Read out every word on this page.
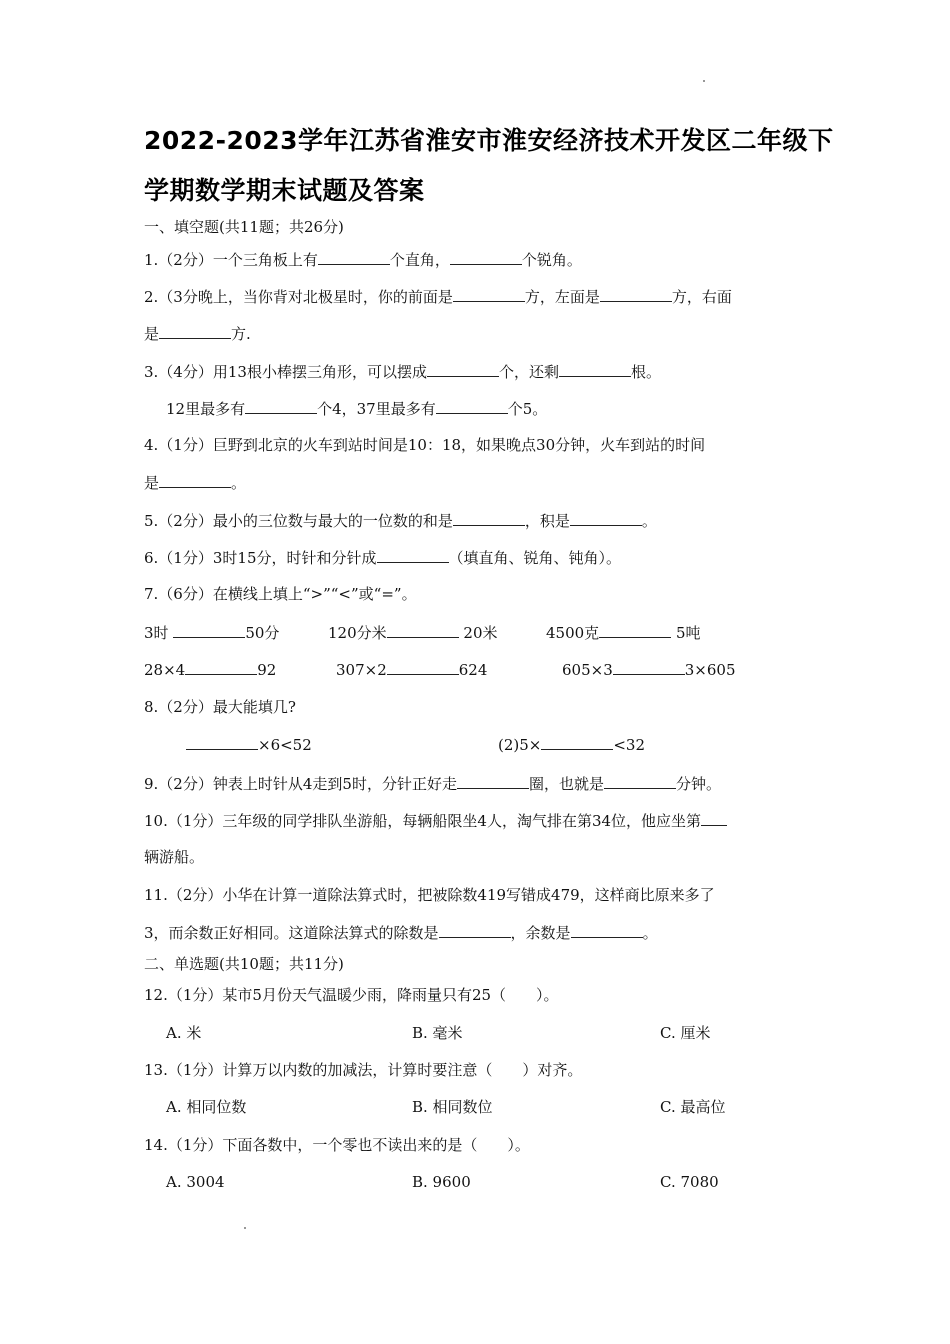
2022-2023学年江苏省淮安市淮安经济技术开发区二年级下
学期数学期末试题及答案
一、填空题(共11题；共26分)
1.（2分）一个三角板上有	个直角，	个锐角。
2.（3分晚上，当你背对北极星时，你的前面是	方，左面是	方，右面
是	方.
3.（4分）用13根小棒摆三角形，可以摆成	个，还剩	根。
12里最多有	个4，37里最多有	个5。
4.（1分）巨野到北京的火车到站时间是10：18，如果晚点30分钟，火车到站的时间
是	。
5.（2分）最小的三位数与最大的一位数的和是	，积是	。
6.（1分）3时15分，时针和分针成	（填直角、锐角、钝角）。
7.（6分）在横线上填上“>”“<”或“=”。
3时	50分	120分米	20米	4500克	5吨
28×4	92	307×2	624	605×3	3×605
8.（2分）最大能填几?
×6<52	(2)5×	<32
9.（2分）钟表上时针从4走到5时，分针正好走	圈，也就是	分钟。
10.（1分）三年级的同学排队坐游船，每辆船限坐4人，淘气排在第34位，他应坐第
辆游船。
11.（2分）小华在计算一道除法算式时，把被除数419写错成479，这样商比原来多了
3，而余数正好相同。这道除法算式的除数是	，余数是	。
二、单选题(共10题；共11分)
12.（1分）某市5月份天气温暖少雨，降雨量只有25（　　）。
A. 米	B. 毫米	C. 厘米
13.（1分）计算万以内数的加减法，计算时要注意（　　）对齐。
A. 相同位数	B. 相同数位	C. 最高位
14.（1分）下面各数中，一个零也不读出来的是（　　）。
A. 3004	B. 9600	C. 7080
